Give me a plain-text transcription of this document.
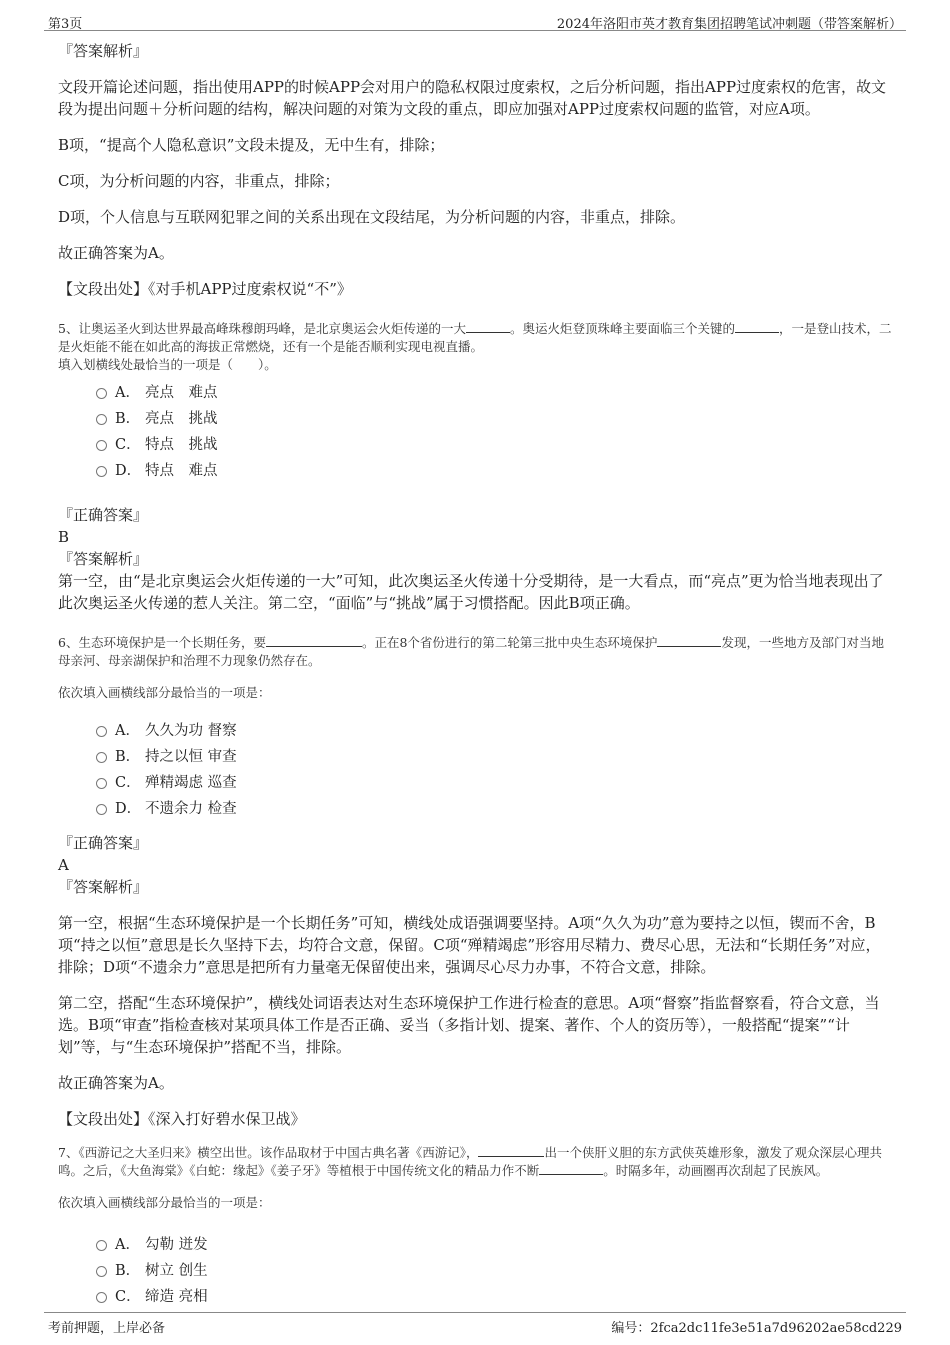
第3页	2024年洛阳市英才教育集团招聘笔试冲刺题（带答案解析）

『答案解析』

文段开篇论述问题，指出使用APP的时候APP会对用户的隐私权限过度索权，之后分析问题，指出APP过度索权的危害，故文段为提出问题＋分析问题的结构，解决问题的对策为文段的重点，即应加强对APP过度索权问题的监管，对应A项。

B项，“提高个人隐私意识”文段未提及，无中生有，排除；

C项，为分析问题的内容，非重点，排除；

D项，个人信息与互联网犯罪之间的关系出现在文段结尾，为分析问题的内容，非重点，排除。

故正确答案为A。

【文段出处】《对手机APP过度索权说“不”》

5、让奥运圣火到达世界最高峰珠穆朗玛峰，是北京奥运会火炬传递的一大	。奥运火炬登顶珠峰主要面临三个关键的	，一是登山技术，二是火炬能不能在如此高的海拔正常燃烧，还有一个是能否顺利实现电视直播。

填入划横线处最恰当的一项是（　　）。

A． 亮点　难点
B． 亮点　挑战
C． 特点　挑战
D． 特点　难点

『正确答案』

B

『答案解析』

第一空，由“是北京奥运会火炬传递的一大”可知，此次奥运圣火传递十分受期待，是一大看点，而“亮点”更为恰当地表现出了此次奥运圣火传递的惹人关注。第二空，“面临”与“挑战”属于习惯搭配。因此B项正确。

6、生态环境保护是一个长期任务，要	。正在8个省份进行的第二轮第三批中央生态环境保护	发现，一些地方及部门对当地母亲河、母亲湖保护和治理不力现象仍然存在。

依次填入画横线部分最恰当的一项是：

A． 久久为功 督察
B． 持之以恒 审查
C． 殚精竭虑 巡查
D． 不遗余力 检查

『正确答案』

A

『答案解析』

第一空，根据“生态环境保护是一个长期任务”可知，横线处成语强调要坚持。A项“久久为功”意为要持之以恒，锲而不舍，B项“持之以恒”意思是长久坚持下去，均符合文意，保留。C项“殚精竭虑”形容用尽精力、费尽心思，无法和“长期任务”对应，排除；D项“不遗余力”意思是把所有力量毫无保留使出来，强调尽心尽力办事，不符合文意，排除。

第二空，搭配“生态环境保护”，横线处词语表达对生态环境保护工作进行检查的意思。A项“督察”指监督察看，符合文意，当选。B项“审查”指检查核对某项具体工作是否正确、妥当（多指计划、提案、著作、个人的资历等），一般搭配“提案”“计划”等，与“生态环境保护”搭配不当，排除。

故正确答案为A。

【文段出处】《深入打好碧水保卫战》

7、《西游记之大圣归来》横空出世。该作品取材于中国古典名著《西游记》，	出一个侠肝义胆的东方武侠英雄形象，激发了观众深层心理共鸣。之后，《大鱼海棠》《白蛇：缘起》《姜子牙》等植根于中国传统文化的精品力作不断	。时隔多年，动画圈再次刮起了民族风。

依次填入画横线部分最恰当的一项是：

A． 勾勒 迸发
B． 树立 创生
C． 缔造 亮相
考前押题，上岸必备	编号：2fca2dc11fe3e51a7d96202ae58cd229
